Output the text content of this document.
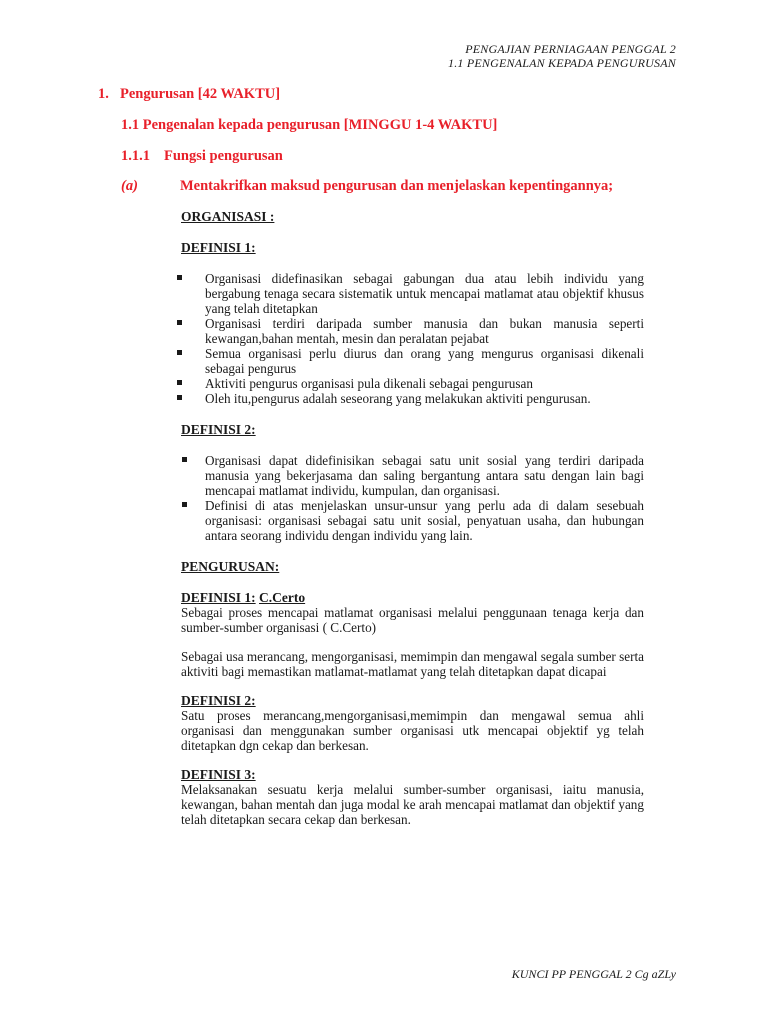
PENGAJIAN PERNIAGAAN PENGGAL 2
1.1 PENGENALAN KEPADA PENGURUSAN
1. Pengurusan [42 WAKTU]
1.1 Pengenalan kepada pengurusan [MINGGU 1-4 WAKTU]
1.1.1 Fungsi pengurusan
(a)	Mentakrifkan maksud pengurusan dan menjelaskan kepentingannya;
ORGANISASI :
DEFINISI 1:
Organisasi didefinasikan sebagai gabungan dua atau lebih individu yang bergabung tenaga secara sistematik untuk mencapai matlamat atau objektif khusus yang telah ditetapkan
Organisasi terdiri daripada sumber manusia dan bukan manusia seperti kewangan,bahan mentah, mesin dan peralatan pejabat
Semua organisasi perlu diurus dan orang yang mengurus organisasi dikenali sebagai pengurus
Aktiviti pengurus organisasi pula dikenali sebagai pengurusan
Oleh itu,pengurus adalah seseorang yang melakukan aktiviti pengurusan.
DEFINISI 2:
Organisasi dapat didefinisikan sebagai satu unit sosial yang terdiri daripada manusia yang bekerjasama dan saling bergantung antara satu dengan lain bagi mencapai matlamat individu, kumpulan, dan organisasi.
Definisi di atas menjelaskan unsur-unsur yang perlu ada di dalam sesebuah organisasi: organisasi sebagai satu unit sosial, penyatuan usaha, dan hubungan antara seorang individu dengan individu yang lain.
PENGURUSAN:
DEFINISI 1: C.Certo

Sebagai proses mencapai matlamat organisasi melalui penggunaan tenaga kerja dan sumber-sumber organisasi ( C.Certo)

Sebagai usa merancang, mengorganisasi, memimpin dan mengawal segala sumber serta aktiviti bagi memastikan matlamat-matlamat yang telah ditetapkan dapat dicapai

DEFINISI 2:

Satu proses merancang,mengorganisasi,memimpin dan mengawal semua ahli organisasi dan menggunakan sumber organisasi utk mencapai objektif yg telah ditetapkan dgn cekap dan berkesan.

DEFINISI 3:

Melaksanakan sesuatu kerja melalui sumber-sumber organisasi, iaitu manusia, kewangan, bahan mentah dan juga modal ke arah mencapai matlamat dan objektif yang telah ditetapkan secara cekap dan berkesan.

KUNCI PP PENGGAL 2 Cg aZLy
